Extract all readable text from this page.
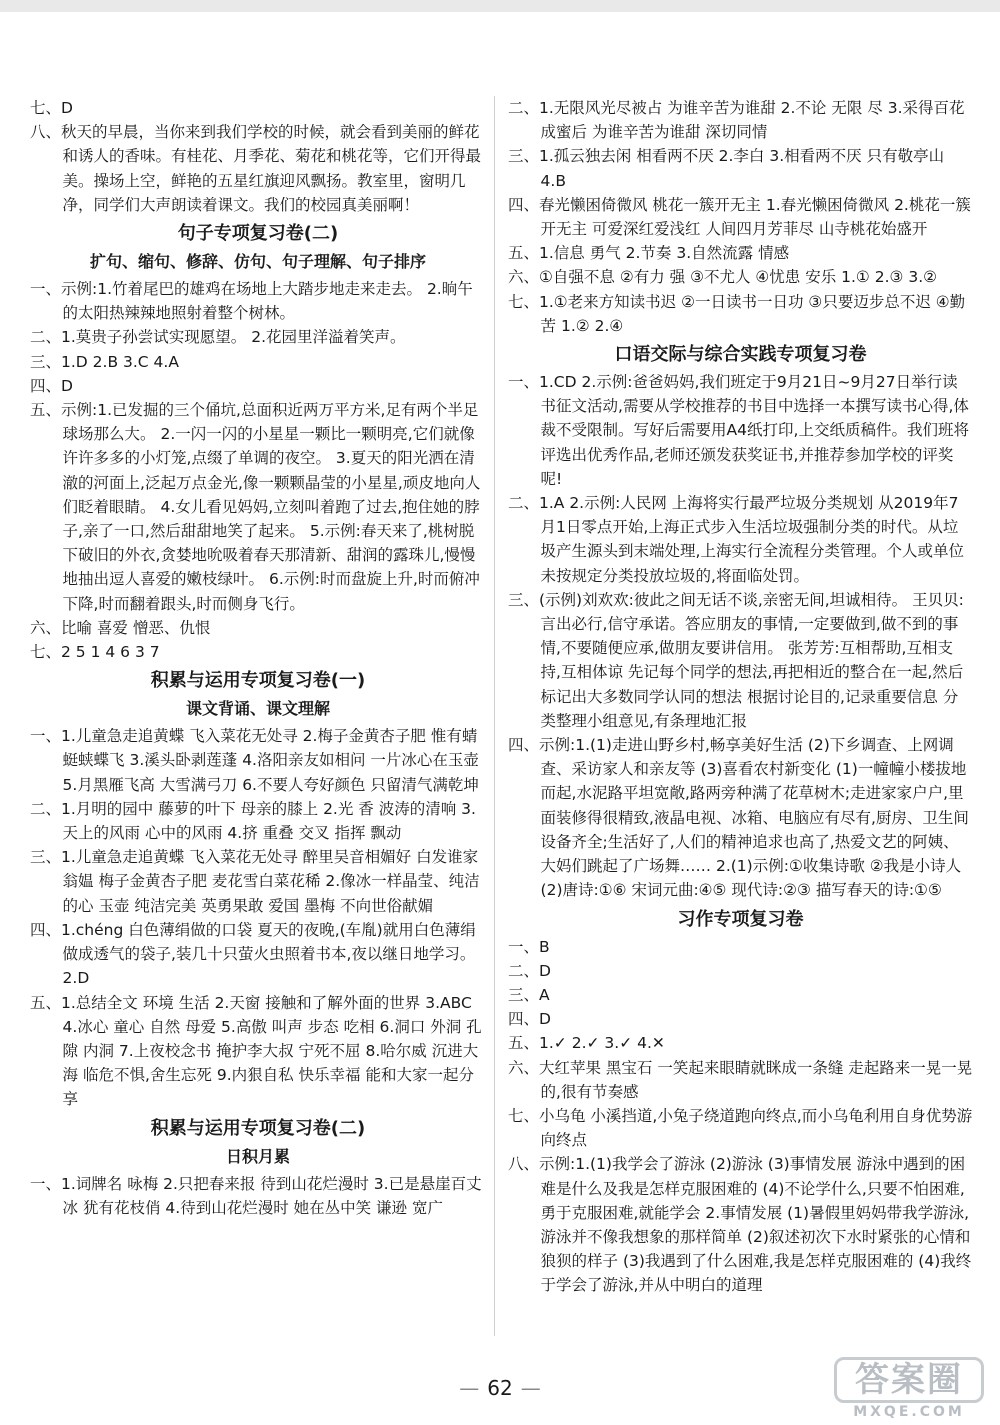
七、D

八、秋天的早晨，当你来到我们学校的时候，就会看到美丽的鲜花和诱人的香味。有桂花、月季花、菊花和桃花等，它们开得最美。操场上空，鲜艳的五星红旗迎风飘扬。教室里，窗明几净，同学们大声朗读着课文。我们的校园真美丽啊！

句子专项复习卷(二)
扩句、缩句、修辞、仿句、句子理解、句子排序

一、示例:1.竹着尾巴的雄鸡在场地上大踏步地走来走去。 2.晌午的太阳热辣辣地照射着整个树林。

二、1.莫贵子孙尝试实现愿望。 2.花园里洋溢着笑声。

三、1.D 2.B 3.C 4.A

四、D

五、示例:1.已发掘的三个俑坑,总面积近两万平方米,足有两个半足球场那么大。 2.一闪一闪的小星星一颗比一颗明亮,它们就像许许多多的小灯笼,点缀了单调的夜空。 3.夏天的阳光洒在清澈的河面上,泛起万点金光,像一颗颗晶莹的小星星,顽皮地向人们眨着眼睛。 4.女儿看见妈妈,立刻叫着跑了过去,抱住她的脖子,亲了一口,然后甜甜地笑了起来。 5.示例:春天来了,桃树脱下破旧的外衣,贪婪地吮吸着春天那清新、甜润的露珠儿,慢慢地抽出逗人喜爱的嫩枝绿叶。 6.示例:时而盘旋上升,时而俯冲下降,时而翻着跟头,时而侧身飞行。

六、比喻 喜爱 憎恶、仇恨

七、2 5 1 4 6 3 7

积累与运用专项复习卷(一)
课文背诵、课文理解

一、1.儿童急走追黄蝶 飞入菜花无处寻 2.梅子金黄杏子肥 惟有蜻蜓蛱蝶飞 3.溪头卧剥莲蓬 4.洛阳亲友如相问 一片冰心在玉壶 5.月黑雁飞高 大雪满弓刀 6.不要人夸好颜色 只留清气满乾坤

二、1.月明的园中 藤萝的叶下 母亲的膝上 2.光 香 波涛的清响 3.天上的风雨 心中的风雨 4.挤 重叠 交叉 指挥 飘动

三、1.儿童急走追黄蝶 飞入菜花无处寻 醉里吴音相媚好 白发谁家翁媪 梅子金黄杏子肥 麦花雪白菜花稀 2.像冰一样晶莹、纯洁的心 玉壶 纯洁完美 英勇果敢 爱国 墨梅 不向世俗献媚

四、1.chéng 白色薄绢做的口袋 夏天的夜晚,(车胤)就用白色薄绢做成透气的袋子,装几十只萤火虫照着书本,夜以继日地学习。 2.D

五、1.总结全文 环境 生活 2.天窗 接触和了解外面的世界 3.ABC 4.冰心 童心 自然 母爱 5.高傲 叫声 步态 吃相 6.洞口 外洞 孔隙 内洞 7.上夜校念书 掩护李大叔 宁死不屈 8.哈尔威 沉进大海 临危不惧,舍生忘死 9.内狠自私 快乐幸福 能和大家一起分享

积累与运用专项复习卷(二)
日积月累

一、1.词牌名 咏梅 2.只把春来报 待到山花烂漫时 3.已是悬崖百丈冰 犹有花枝俏 4.待到山花烂漫时 她在丛中笑 谦逊 宽广

二、1.无限风光尽被占 为谁辛苦为谁甜 2.不论 无限 尽 3.采得百花成蜜后 为谁辛苦为谁甜 深切同情

三、1.孤云独去闲 相看两不厌 2.李白 3.相看两不厌 只有敬亭山 4.B

四、春光懒困倚微风 桃花一簇开无主 1.春光懒困倚微风 2.桃花一簇开无主 可爱深红爱浅红 人间四月芳菲尽 山寺桃花始盛开

五、1.信息 勇气 2.节奏 3.自然流露 情感

六、①自强不息 ②有力 强 ③不尤人 ④忧患 安乐 1.① 2.③ 3.②

七、1.①老来方知读书迟 ②一日读书一日功 ③只要迈步总不迟 ④勤 苦 1.② 2.④

口语交际与综合实践专项复习卷

一、1.CD 2.示例:爸爸妈妈,我们班定于9月21日~9月27日举行读书征文活动,需要从学校推荐的书目中选择一本撰写读书心得,体裁不受限制。写好后需要用A4纸打印,上交纸质稿件。我们班将评选出优秀作品,老师还颁发获奖证书,并推荐参加学校的评奖呢!

二、1.A 2.示例:人民网 上海将实行最严垃圾分类规划 从2019年7月1日零点开始,上海正式步入生活垃圾强制分类的时代。从垃圾产生源头到末端处理,上海实行全流程分类管理。个人或单位未按规定分类投放垃圾的,将面临处罚。

三、(示例)刘欢欢:彼此之间无话不谈,亲密无间,坦诚相待。 王贝贝:言出必行,信守承诺。答应朋友的事情,一定要做到,做不到的事情,不要随便应承,做朋友要讲信用。 张芳芳:互相帮助,互相支持,互相体谅 先记每个同学的想法,再把相近的整合在一起,然后标记出大多数同学认同的想法 根据讨论目的,记录重要信息 分类整理小组意见,有条理地汇报

四、示例:1.(1)走进山野乡村,畅享美好生活 (2)下乡调查、上网调查、采访家人和亲友等 (3)喜看农村新变化 (1)一幢幢小楼拔地而起,水泥路平坦宽敞,路两旁种满了花草树木;走进家家户户,里面装修得很精致,液晶电视、冰箱、电脑应有尽有,厨房、卫生间设备齐全;生活好了,人们的精神追求也高了,热爱文艺的阿姨、大妈们跳起了广场舞…… 2.(1)示例:①收集诗歌 ②我是小诗人 (2)唐诗:①⑥ 宋词元曲:④⑤ 现代诗:②③ 描写春天的诗:①⑤

习作专项复习卷

一、B

二、D

三、A

四、D

五、1.✓ 2.✓ 3.✓ 4.✕

六、大红苹果 黑宝石 一笑起来眼睛就眯成一条缝 走起路来一晃一晃的,很有节奏感

七、小乌龟 小溪挡道,小兔子绕道跑向终点,而小乌龟利用自身优势游向终点

八、示例:1.(1)我学会了游泳 (2)游泳 (3)事情发展 游泳中遇到的困难是什么及我是怎样克服困难的 (4)不论学什么,只要不怕困难,勇于克服困难,就能学会 2.事情发展 (1)暑假里妈妈带我学游泳,游泳并不像我想象的那样简单 (2)叙述初次下水时紧张的心情和狼狈的样子 (3)我遇到了什么困难,我是怎样克服困难的 (4)我终于学会了游泳,并从中明白的道理

— 62 —	答案圈
MXQE.COM
